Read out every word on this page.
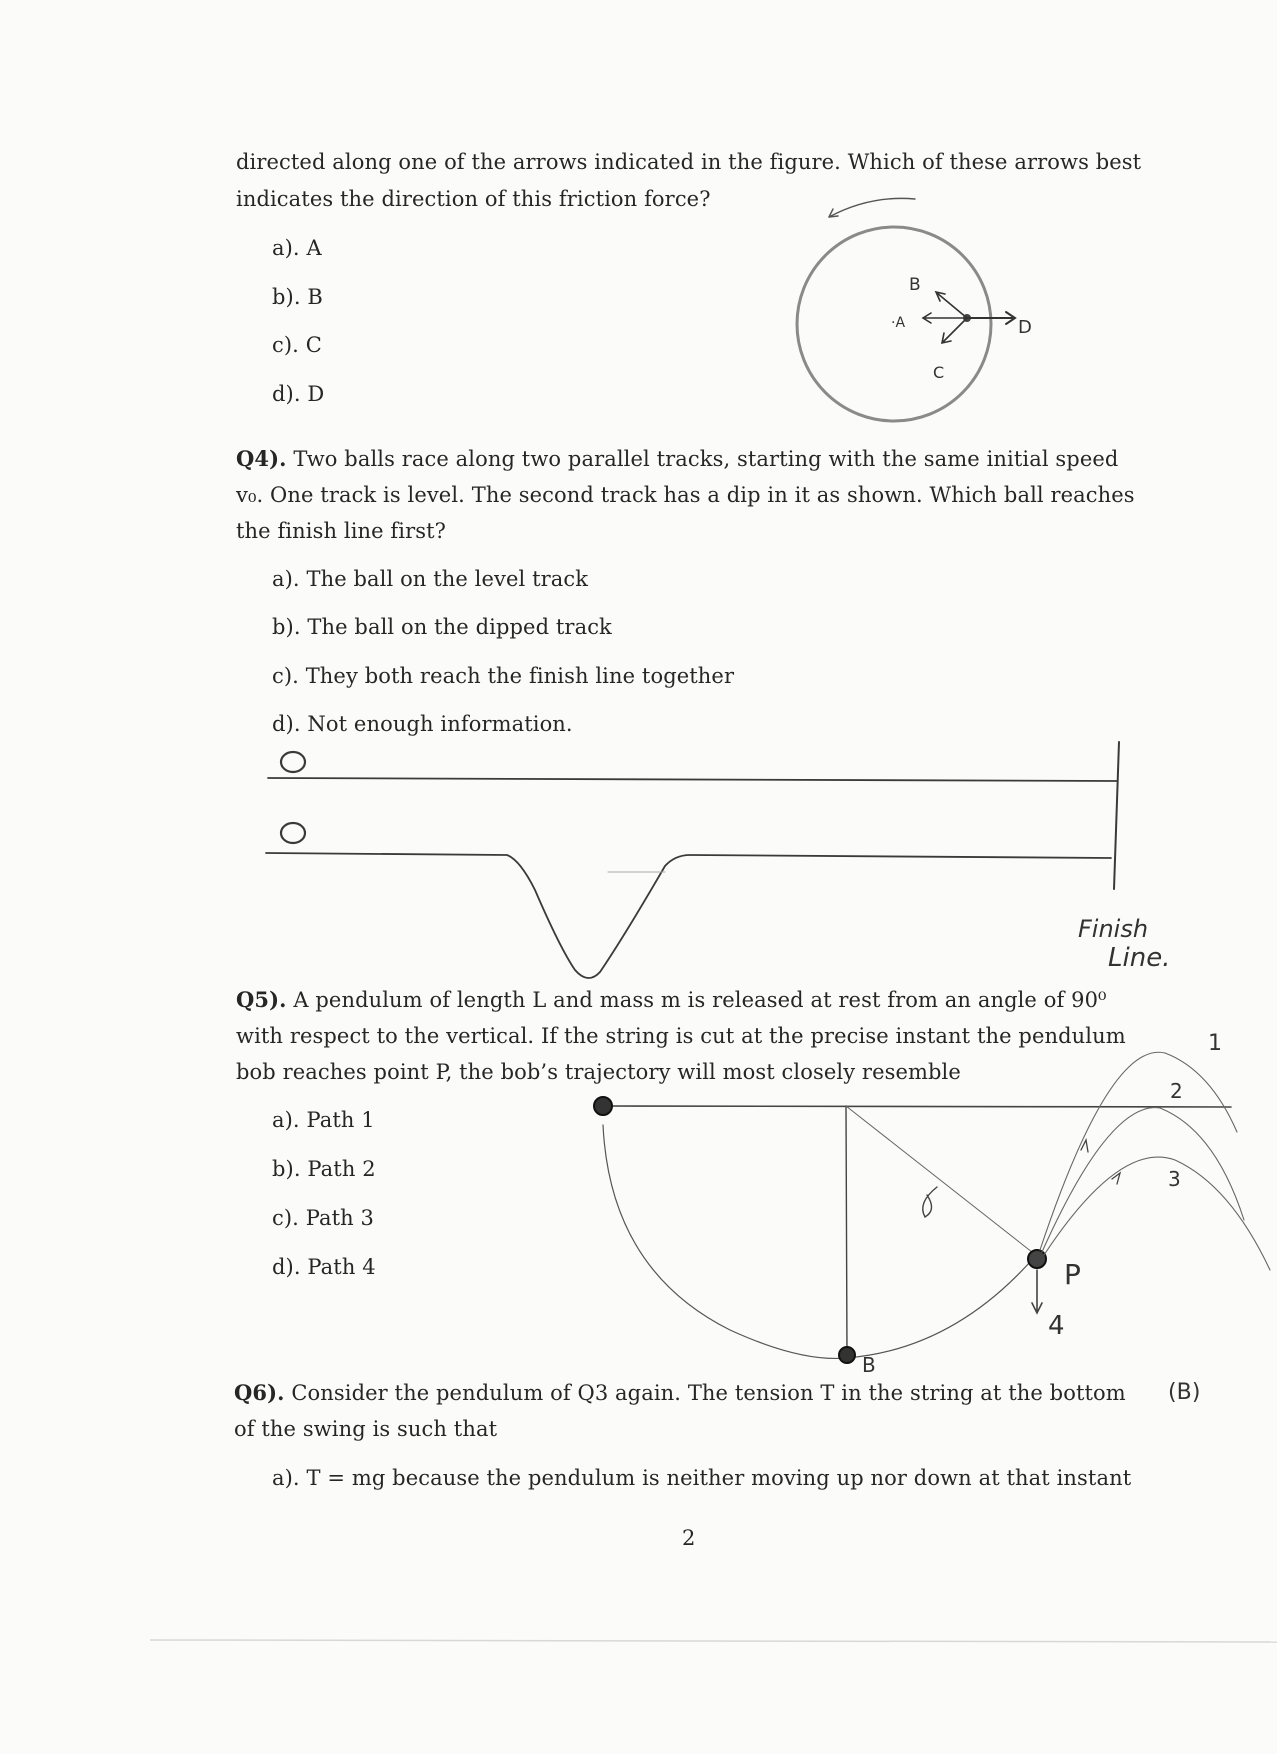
directed along one of the arrows indicated in the figure. Which of these arrows best
indicates the direction of this friction force?
a). A
b). B
c). C
d). D
Q4). Two balls race along two parallel tracks, starting with the same initial speed
v₀. One track is level. The second track has a dip in it as shown. Which ball reaches
the finish line first?
a). The ball on the level track
b). The ball on the dipped track
c). They both reach the finish line together
d). Not enough information.
Q5). A pendulum of length L and mass m is released at rest from an angle of 90⁰
with respect to the vertical. If the string is cut at the precise instant the pendulum
bob reaches point P, the bob’s trajectory will most closely resemble
a). Path 1
b). Path 2
c). Path 3
d). Path 4
Q6). Consider the pendulum of Q3 again. The tension T in the string at the bottom
of the swing is such that
(B)
a). T = mg because the pendulum is neither moving up nor down at that instant
2
B
·A	D
C
Finish
Line.
1
2
3
4
P
B
